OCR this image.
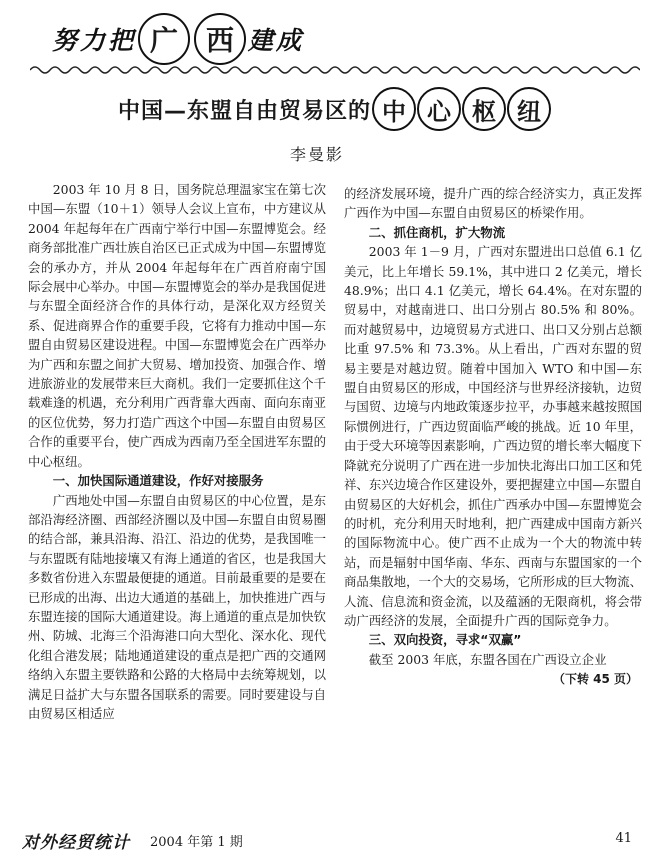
努力把 广 西 建成
中国—东盟自由贸易区的 中 心 枢 纽
李曼影

2003 年 10 月 8 日，国务院总理温家宝在第七次中国—东盟（10＋1）领导人会议上宣布，中方建议从 2004 年起每年在广西南宁举行中国—东盟博览会。经商务部批准广西壮族自治区已正式成为中国—东盟博览会的承办方，并从 2004 年起每年在广西首府南宁国际会展中心举办。中国—东盟博览会的举办是我国促进与东盟全面经济合作的具体行动，是深化双方经贸关系、促进商界合作的重要手段，它将有力推动中国—东盟自由贸易区建设进程。中国—东盟博览会在广西举办为广西和东盟之间扩大贸易、增加投资、加强合作、增进旅游业的发展带来巨大商机。我们一定要抓住这个千载难逢的机遇，充分利用广西背靠大西南、面向东南亚的区位优势，努力打造广西这个中国—东盟自由贸易区合作的重要平台，使广西成为西南乃至全国进军东盟的中心枢纽。

一、加快国际通道建设，作好对接服务

广西地处中国—东盟自由贸易区的中心位置，是东部沿海经济圈、西部经济圈以及中国—东盟自由贸易圈的结合部，兼具沿海、沿江、沿边的优势，是我国唯一与东盟既有陆地接壤又有海上通道的省区，也是我国大多数省份进入东盟最便捷的通道。目前最重要的是要在已形成的出海、出边大通道的基础上，加快推进广西与东盟连接的国际大通道建设。海上通道的重点是加快钦州、防城、北海三个沿海港口向大型化、深水化、现代化组合港发展；陆地通道建设的重点是把广西的交通网络纳入东盟主要铁路和公路的大格局中去统筹规划，以满足日益扩大与东盟各国联系的需要。同时要建设与自由贸易区相适应

的经济发展环境，提升广西的综合经济实力，真正发挥广西作为中国—东盟自由贸易区的桥梁作用。

二、抓住商机，扩大物流

2003 年 1－9 月，广西对东盟进出口总值 6.1 亿美元，比上年增长 59.1%，其中进口 2 亿美元，增长 48.9%；出口 4.1 亿美元，增长 64.4%。在对东盟的贸易中，对越南进口、出口分别占 80.5% 和 80%。而对越贸易中，边境贸易方式进口、出口又分别占总额比重 97.5% 和 73.3%。从上看出，广西对东盟的贸易主要是对越边贸。随着中国加入 WTO 和中国—东盟自由贸易区的形成，中国经济与世界经济接轨，边贸与国贸、边境与内地政策逐步拉平，办事越来越按照国际惯例进行，广西边贸面临严峻的挑战。近 10 年里，由于受大环境等因素影响，广西边贸的增长率大幅度下降就充分说明了广西在进一步加快北海出口加工区和凭祥、东兴边境合作区建设外，要把握建立中国—东盟自由贸易区的大好机会，抓住广西承办中国—东盟博览会的时机，充分利用天时地利，把广西建成中国南方新兴的国际物流中心。使广西不止成为一个大的物流中转站，而是辐射中国华南、华东、西南与东盟国家的一个商品集散地，一个大的交易场，它所形成的巨大物流、人流、信息流和资金流，以及蕴涵的无限商机，将会带动广西经济的发展，全面提升广西的国际竞争力。

三、双向投资，寻求“双赢”

截至 2003 年底，东盟各国在广西设立企业

（下转 45 页）
对外经贸统计 2004 年第 1 期	41
